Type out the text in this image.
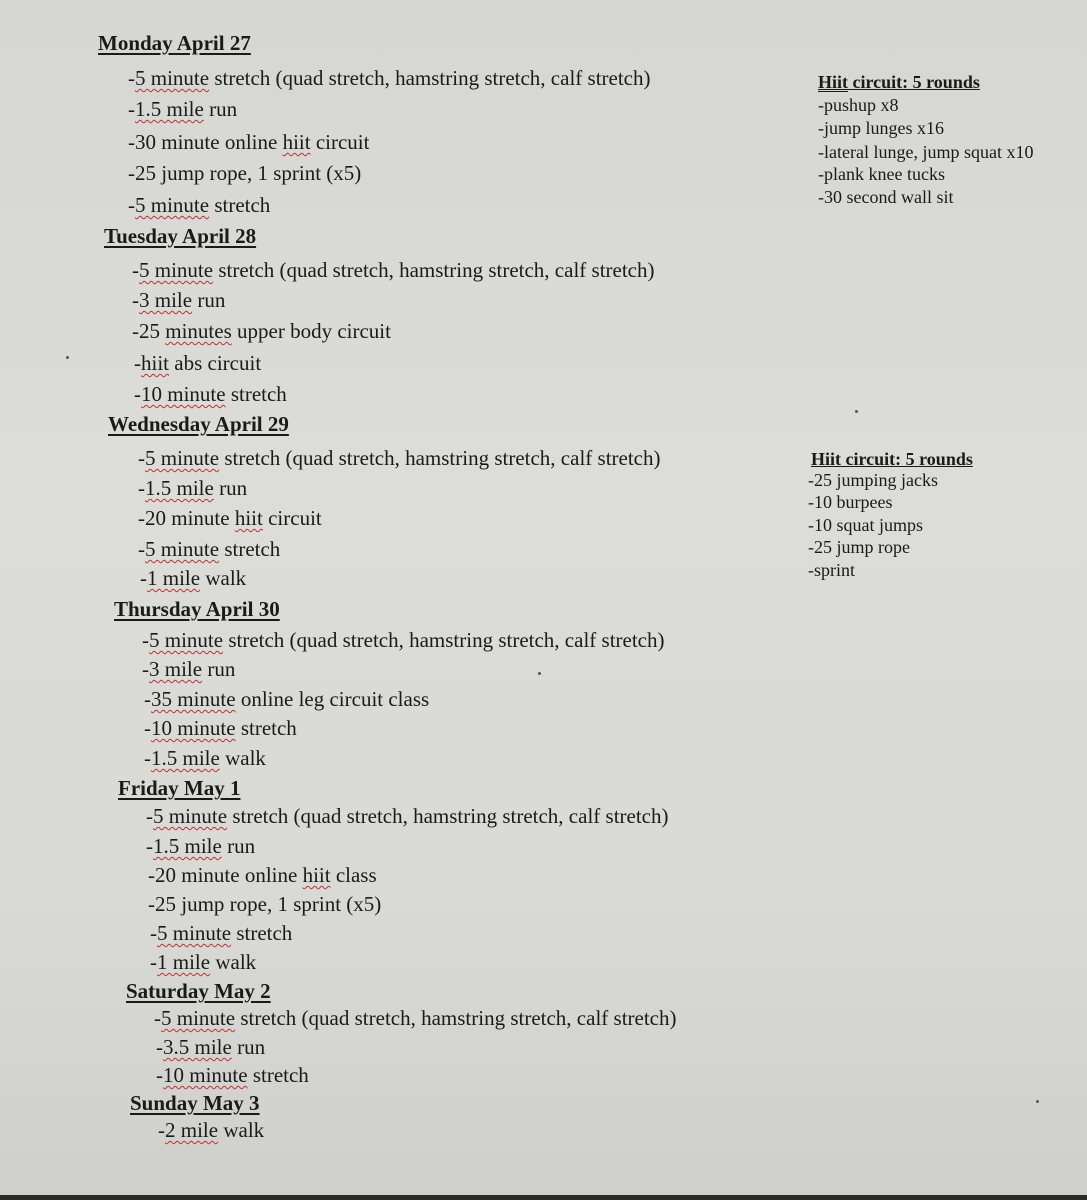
Monday April 27
-5 minute stretch (quad stretch, hamstring stretch, calf stretch)
-1.5 mile run
-30 minute online hiit circuit
-25 jump rope, 1 sprint (x5)
-5 minute stretch
Tuesday April 28
-5 minute stretch (quad stretch, hamstring stretch, calf stretch)
-3 mile run
-25 minutes upper body circuit
-hiit abs circuit
-10 minute stretch
Wednesday April 29
-5 minute stretch (quad stretch, hamstring stretch, calf stretch)
-1.5 mile run
-20 minute hiit circuit
-5 minute stretch
-1 mile walk
Thursday April 30
-5 minute stretch (quad stretch, hamstring stretch, calf stretch)
-3 mile run
-35 minute online leg circuit class
-10 minute stretch
-1.5 mile walk
Friday May 1
-5 minute stretch (quad stretch, hamstring stretch, calf stretch)
-1.5 mile run
-20 minute online hiit class
-25 jump rope, 1 sprint (x5)
-5 minute stretch
-1 mile walk
Saturday May 2
-5 minute stretch (quad stretch, hamstring stretch, calf stretch)
-3.5 mile run
-10 minute stretch
Sunday May 3
-2 mile walk
Hiit circuit: 5 rounds
-pushup x8
-jump lunges x16
-lateral lunge, jump squat x10
-plank knee tucks
-30 second wall sit
Hiit circuit: 5 rounds
-25 jumping jacks
-10 burpees
-10 squat jumps
-25 jump rope
-sprint
